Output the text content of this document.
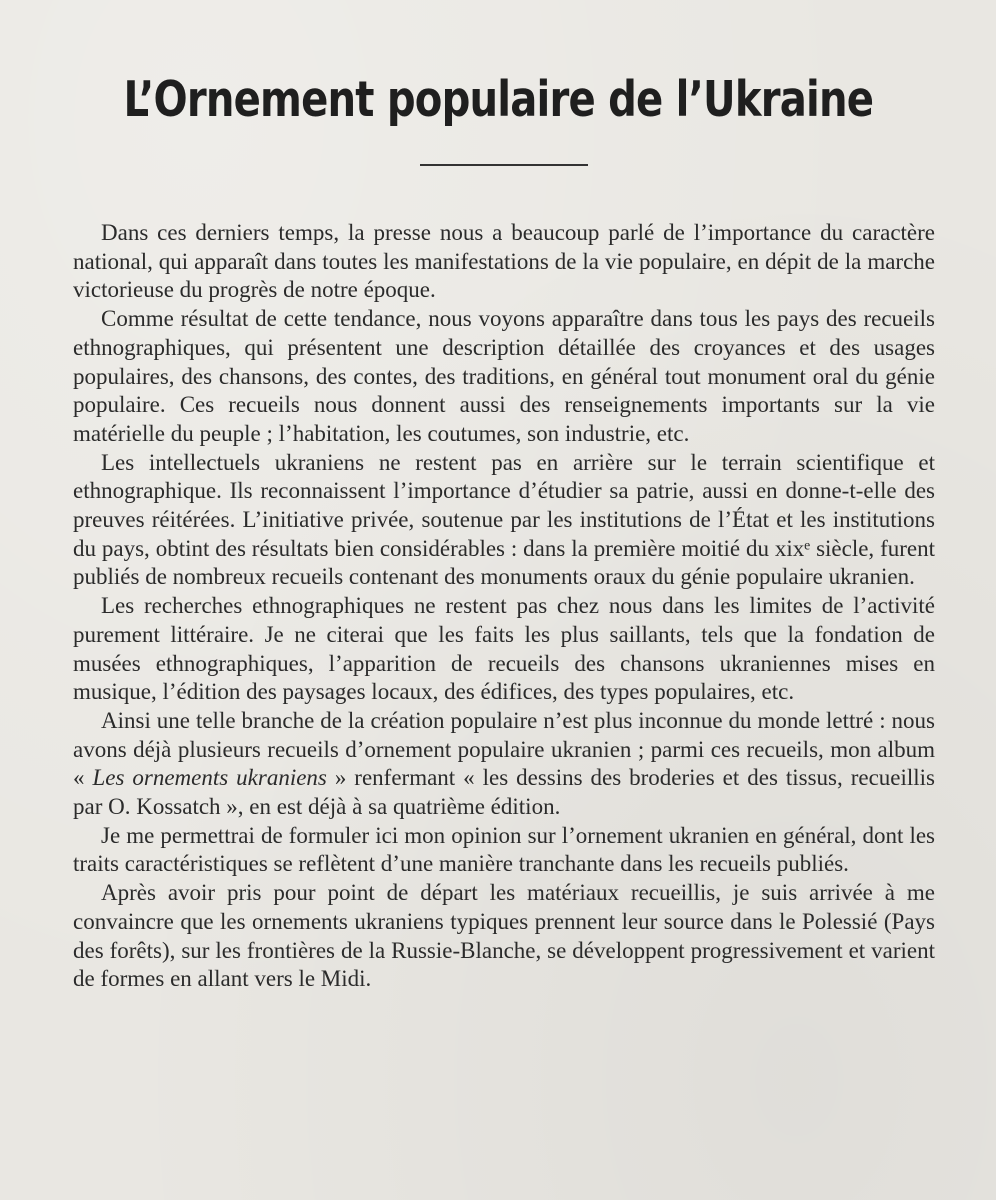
L’Ornement populaire de l’Ukraine

Dans ces derniers temps, la presse nous a beaucoup parlé de l’importance du caractère national, qui apparaît dans toutes les manifestations de la vie populaire, en dépit de la marche victorieuse du progrès de notre époque.

Comme résultat de cette tendance, nous voyons apparaître dans tous les pays des recueils ethnographiques, qui présentent une description détaillée des croyances et des usages populaires, des chansons, des contes, des traditions, en général tout monument oral du génie populaire. Ces recueils nous donnent aussi des renseignements importants sur la vie matérielle du peuple ; l’habitation, les coutumes, son industrie, etc.

Les intellectuels ukraniens ne restent pas en arrière sur le terrain scientifique et ethnographique. Ils reconnaissent l’importance d’étudier sa patrie, aussi en donne-t-elle des preuves réitérées. L’initiative privée, soutenue par les institutions de l’État et les institutions du pays, obtint des résultats bien considérables : dans la première moitié du xixᵉ siècle, furent publiés de nombreux recueils contenant des monuments oraux du génie populaire ukranien.

Les recherches ethnographiques ne restent pas chez nous dans les limites de l’activité purement littéraire. Je ne citerai que les faits les plus saillants, tels que la fondation de musées ethnographiques, l’apparition de recueils des chansons ukraniennes mises en musique, l’édition des paysages locaux, des édifices, des types populaires, etc.

Ainsi une telle branche de la création populaire n’est plus inconnue du monde lettré : nous avons déjà plusieurs recueils d’ornement populaire ukranien ; parmi ces recueils, mon album « Les ornements ukraniens » renfermant « les dessins des broderies et des tissus, recueillis par O. Kossatch », en est déjà à sa quatrième édition.

Je me permettrai de formuler ici mon opinion sur l’ornement ukranien en général, dont les traits caractéristiques se reflètent d’une manière tranchante dans les recueils publiés.

Après avoir pris pour point de départ les matériaux recueillis, je suis arrivée à me convaincre que les ornements ukraniens typiques prennent leur source dans le Polessié (Pays des forêts), sur les frontières de la Russie-Blanche, se développent progressivement et varient de formes en allant vers le Midi.
